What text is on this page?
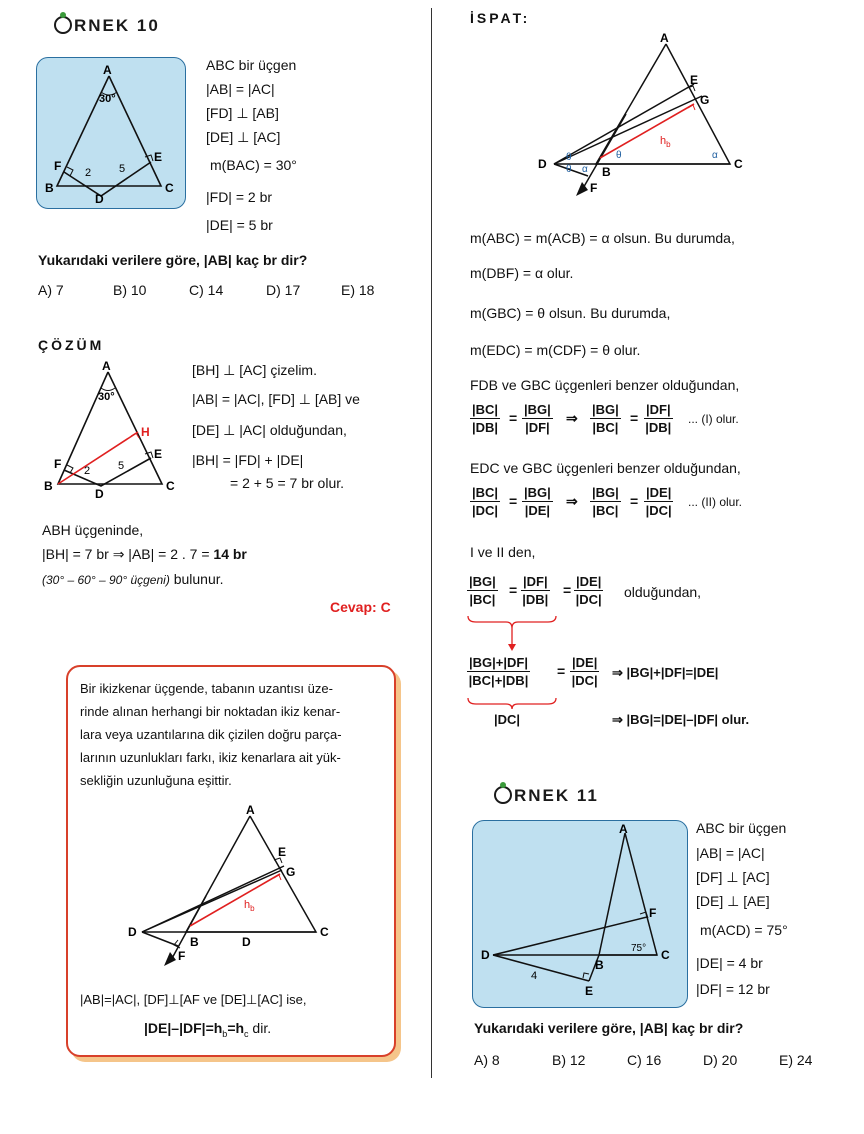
RNEK 10
A
30°
B	C
D
E
F 2	5
ABC bir üçgen
|AB| = |AC|
[FD] ⊥ [AB]
[DE] ⊥ [AC]
m(BAC) = 30°
|FD| = 2 br
|DE| = 5 br
Yukarıdaki verilere göre, |AB| kaç br dir?
A) 7	B) 10	C) 14	D) 17	E) 18
ÇÖZÜM
A
30°
B	C
D
E
F
H
2	5
[BH] ⊥ [AC] çizelim.
|AB| = |AC|, [FD] ⊥ [AB] ve
[DE] ⊥ |AC| olduğundan,
|BH| = |FD| + |DE|
= 2 + 5 = 7 br olur.
ABH üçgeninde,
|BH| = 7 br ⇒ |AB| = 2 . 7 = 14 br
(30° – 60° – 90° üçgeni) bulunur.
Cevap: C
Bir ikizkenar üçgende, tabanın uzantısı üze-
rinde alınan herhangi bir noktadan ikiz kenar-
lara veya uzantılarına dik çizilen doğru parça-
larının uzunlukları farkı, ikiz kenarlara ait yük-
sekliğin uzunluğuna eşittir.
A
B
C
D
D
E
F
G
$h_b$
|AB|=|AC|, [DF]⊥[AF ve [DE]⊥[AC] ise,
$|DE|-|DF|=h_b=h_c$ dir.
İSPAT:
A
B
C
D
E
F
G
$h_b$
θ
θ
θ
α
α
m(ABC) = m(ACB) = α olsun. Bu durumda,
m(DBF) = α olur.
m(GBC) = θ olsun. Bu durumda,
m(EDC) = m(CDF) = θ olur.
FDB ve GBC üçgenleri benzer olduğundan,
$\frac{|BC|}{|DB|} = \frac{|BG|}{|DF|}$ ⇒ $\frac{|BG|}{|BC|} = \frac{|DF|}{|DB|}$ ... (I) olur.
EDC ve GBC üçgenleri benzer olduğundan,
$\frac{|BC|}{|DC|} = \frac{|BG|}{|DE|}$ ⇒ $\frac{|BG|}{|BC|} = \frac{|DE|}{|DC|}$ ... (II) olur.
I ve II den,
$\frac{|BG|}{|BC|} = \frac{|DF|}{|DB|} = \frac{|DE|}{|DC|}$ olduğundan,
$\frac{|BG|+|DF|}{|BC|+|DB|} = \frac{|DE|}{|DC|}$ ⇒ |BG|+|DF|=|DE|
|DC|	⇒ |BG|=|DE|–|DF| olur.
RNEK 11
A
B
C
D
E
F
75°
4
ABC bir üçgen
|AB| = |AC|
[DF] ⊥ [AC]
[DE] ⊥ [AE]
m(ACD) = 75°
|DE| = 4 br
|DF| = 12 br
Yukarıdaki verilere göre, |AB| kaç br dir?
A) 8	B) 12	C) 16	D) 20	E) 24
